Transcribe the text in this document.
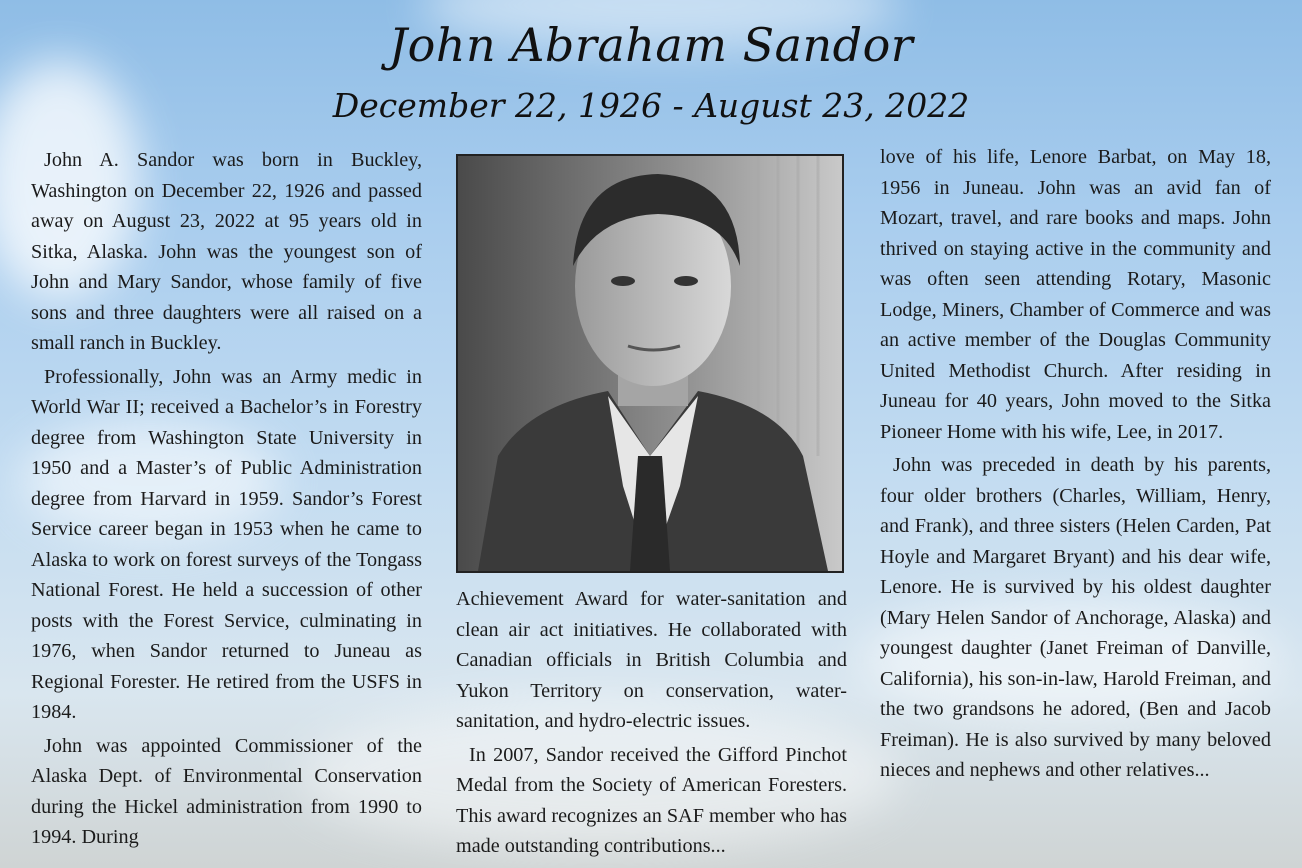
John Abraham Sandor
December 22, 1926 - August 23, 2022

John A. Sandor was born in Buckley, Washington on December 22, 1926 and passed away on August 23, 2022 at 95 years old in Sitka, Alaska. John was the youngest son of John and Mary Sandor, whose family of five sons and three daughters were all raised on a small ranch in Buckley.

Professionally, John was an Army medic in World War II; received a Bachelor’s in Forestry degree from Washington State University in 1950 and a Master’s of Public Administration degree from Harvard in 1959. Sandor’s Forest Service career began in 1953 when he came to Alaska to work on forest surveys of the Tongass National Forest. He held a succession of other posts with the Forest Service, culminating in 1976, when Sandor returned to Juneau as Regional Forester. He retired from the USFS in 1984.

John was appointed Commissioner of the Alaska Dept. of Environmental Conservation during the Hickel administration from 1990 to 1994. During

Achievement Award for water-sanitation and clean air act initiatives. He collaborated with Canadian officials in British Columbia and Yukon Territory on conservation, water-sanitation, and hydro-electric issues.

In 2007, Sandor received the Gifford Pinchot Medal from the Society of American Foresters. This award recognizes an SAF member who has made outstanding contributions...

love of his life, Lenore Barbat, on May 18, 1956 in Juneau. John was an avid fan of Mozart, travel, and rare books and maps. John thrived on staying active in the community and was often seen attending Rotary, Masonic Lodge, Miners, Chamber of Commerce and was an active member of the Douglas Community United Methodist Church. After residing in Juneau for 40 years, John moved to the Sitka Pioneer Home with his wife, Lee, in 2017.

John was preceded in death by his parents, four older brothers (Charles, William, Henry, and Frank), and three sisters (Helen Carden, Pat Hoyle and Margaret Bryant) and his dear wife, Lenore. He is survived by his oldest daughter (Mary Helen Sandor of Anchorage, Alaska) and youngest daughter (Janet Freiman of Danville, California), his son-in-law, Harold Freiman, and the two grandsons he adored, (Ben and Jacob Freiman). He is also survived by many beloved nieces and nephews and other relatives...
